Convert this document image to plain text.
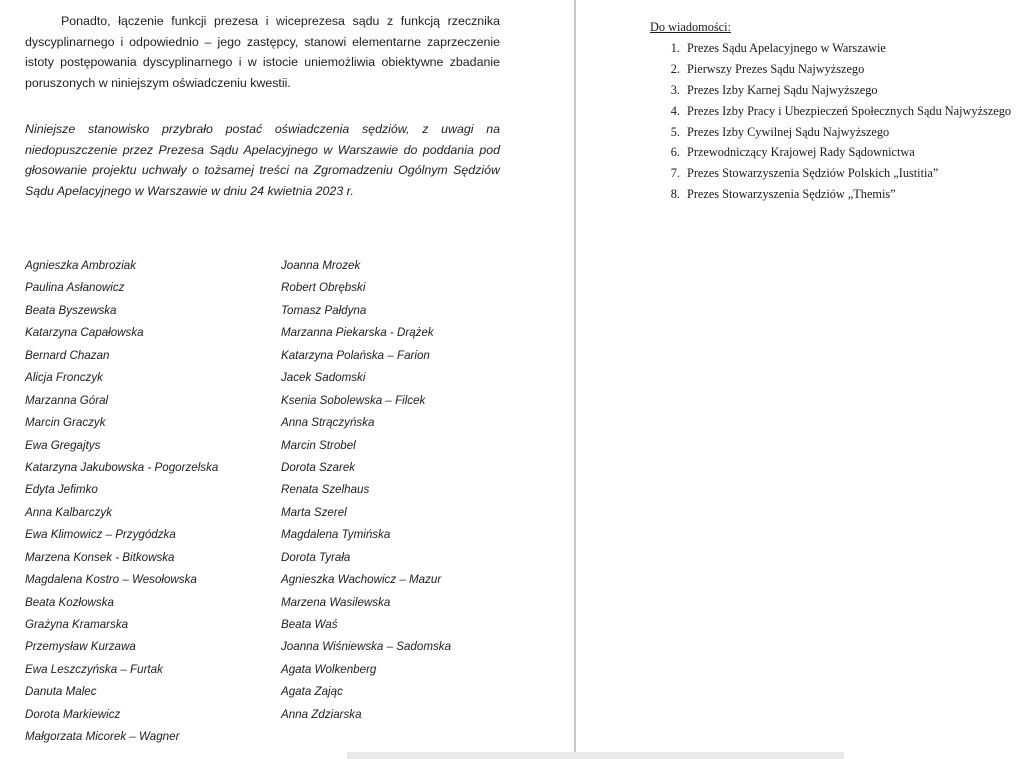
Ponadto, łączenie funkcji prezesa i wiceprezesa sądu z funkcją rzecznika dyscyplinarnego i odpowiednio – jego zastępcy, stanowi elementarne zaprzeczenie istoty postępowania dyscyplinarnego i w istocie uniemożliwia obiektywne zbadanie poruszonych w niniejszym oświadczeniu kwestii.

Niniejsze stanowisko przybrało postać oświadczenia sędziów, z uwagi na niedopuszczenie przez Prezesa Sądu Apelacyjnego w Warszawie do poddania pod głosowanie projektu uchwały o tożsamej treści na Zgromadzeniu Ogólnym Sędziów Sądu Apelacyjnego w Warszawie w dniu 24 kwietnia 2023 r.

Agnieszka Ambroziak
Paulina Asłanowicz
Beata Byszewska
Katarzyna Capałowska
Bernard Chazan
Alicja Fronczyk
Marzanna Góral
Marcin Graczyk
Ewa Gregajtys
Katarzyna Jakubowska - Pogorzelska
Edyta Jefimko
Anna Kalbarczyk
Ewa Klimowicz – Przygódzka
Marzena Konsek - Bitkowska
Magdalena Kostro – Wesołowska
Beata Kozłowska
Grażyna Kramarska
Przemysław Kurzawa
Ewa Leszczyńska – Furtak
Danuta Malec
Dorota Markiewicz
Małgorzata Micorek – Wagner
Joanna Mrozek
Robert Obrębski
Tomasz Pałdyna
Marzanna Piekarska - Drążek
Katarzyna Polańska – Farion
Jacek Sadomski
Ksenia Sobolewska – Filcek
Anna Strączyńska
Marcin Strobel
Dorota Szarek
Renata Szelhaus
Marta Szerel
Magdalena Tymińska
Dorota Tyrała
Agnieszka Wachowicz – Mazur
Marzena Wasilewska
Beata Waś
Joanna Wiśniewska – Sadomska
Agata Wolkenberg
Agata Zając
Anna Zdziarska

Do wiadomości:

1. Prezes Sądu Apelacyjnego w Warszawie
2. Pierwszy Prezes Sądu Najwyższego
3. Prezes Izby Karnej Sądu Najwyższego
4. Prezes Izby Pracy i Ubezpieczeń Społecznych Sądu Najwyższego
5. Prezes Izby Cywilnej Sądu Najwyższego
6. Przewodniczący Krajowej Rady Sądownictwa
7. Prezes Stowarzyszenia Sędziów Polskich „Iustitia”
8. Prezes Stowarzyszenia Sędziów „Themis”
